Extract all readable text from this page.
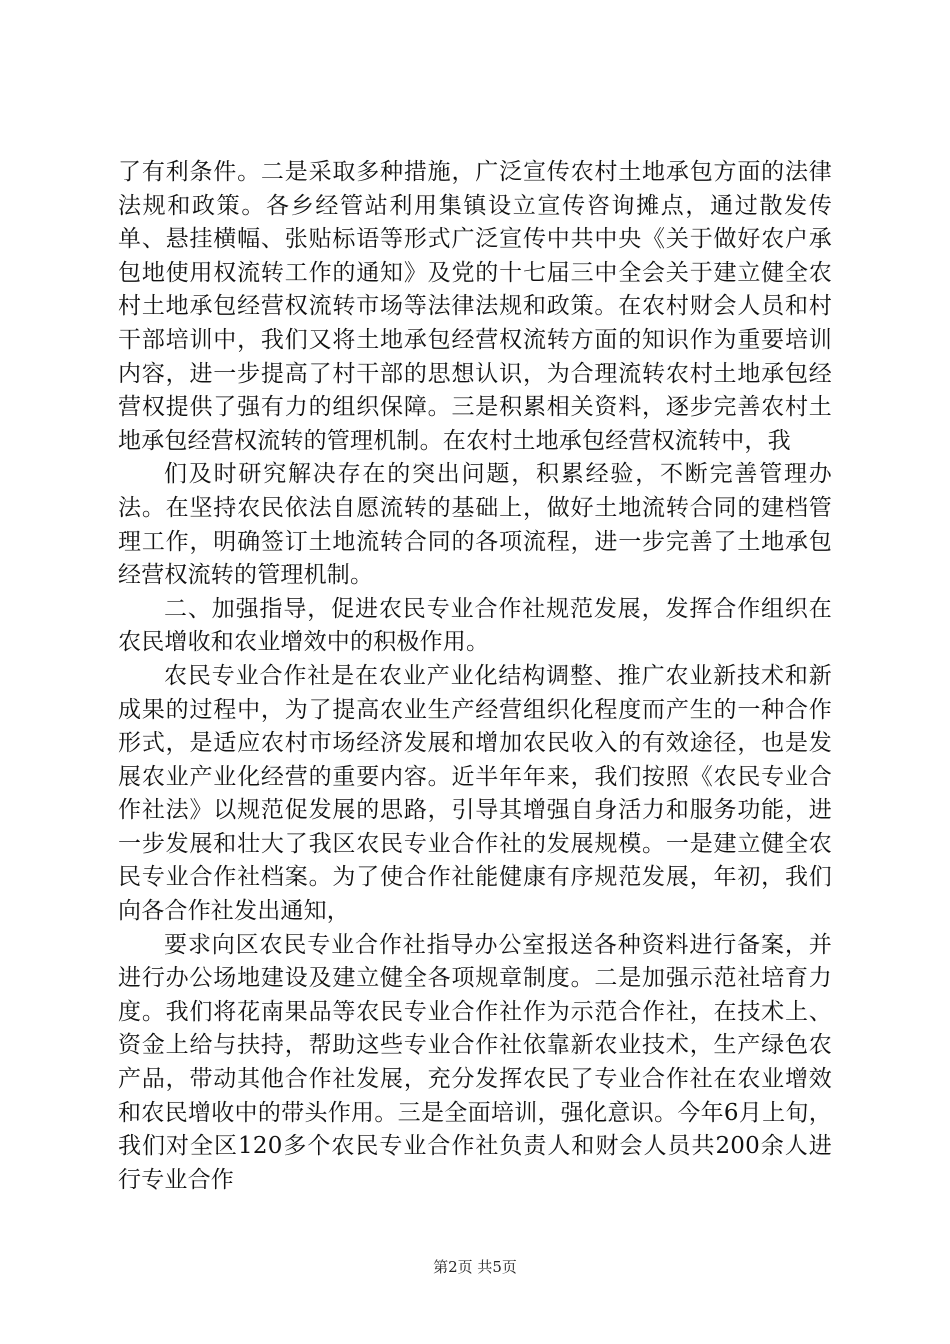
了有利条件。二是采取多种措施，广泛宣传农村土地承包方面的法律法规和政策。各乡经管站利用集镇设立宣传咨询摊点，通过散发传单、悬挂横幅、张贴标语等形式广泛宣传中共中央《关于做好农户承包地使用权流转工作的通知》及党的十七届三中全会关于建立健全农村土地承包经营权流转市场等法律法规和政策。在农村财会人员和村干部培训中，我们又将土地承包经营权流转方面的知识作为重要培训内容，进一步提高了村干部的思想认识，为合理流转农村土地承包经营权提供了强有力的组织保障。三是积累相关资料，逐步完善农村土地承包经营权流转的管理机制。在农村土地承包经营权流转中，我

们及时研究解决存在的突出问题，积累经验，不断完善管理办法。在坚持农民依法自愿流转的基础上，做好土地流转合同的建档管理工作，明确签订土地流转合同的各项流程，进一步完善了土地承包经营权流转的管理机制。

二、加强指导，促进农民专业合作社规范发展，发挥合作组织在农民增收和农业增效中的积极作用。

农民专业合作社是在农业产业化结构调整、推广农业新技术和新成果的过程中，为了提高农业生产经营组织化程度而产生的一种合作形式，是适应农村市场经济发展和增加农民收入的有效途径，也是发展农业产业化经营的重要内容。近半年年来，我们按照《农民专业合作社法》以规范促发展的思路，引导其增强自身活力和服务功能，进一步发展和壮大了我区农民专业合作社的发展规模。一是建立健全农民专业合作社档案。为了使合作社能健康有序规范发展，年初，我们向各合作社发出通知，

要求向区农民专业合作社指导办公室报送各种资料进行备案，并进行办公场地建设及建立健全各项规章制度。二是加强示范社培育力度。我们将花南果品等农民专业合作社作为示范合作社，在技术上、资金上给与扶持，帮助这些专业合作社依靠新农业技术，生产绿色农产品，带动其他合作社发展，充分发挥农民了专业合作社在农业增效和农民增收中的带头作用。三是全面培训，强化意识。今年6月上旬，我们对全区120多个农民专业合作社负责人和财会人员共200余人进行专业合作

第2页 共5页
